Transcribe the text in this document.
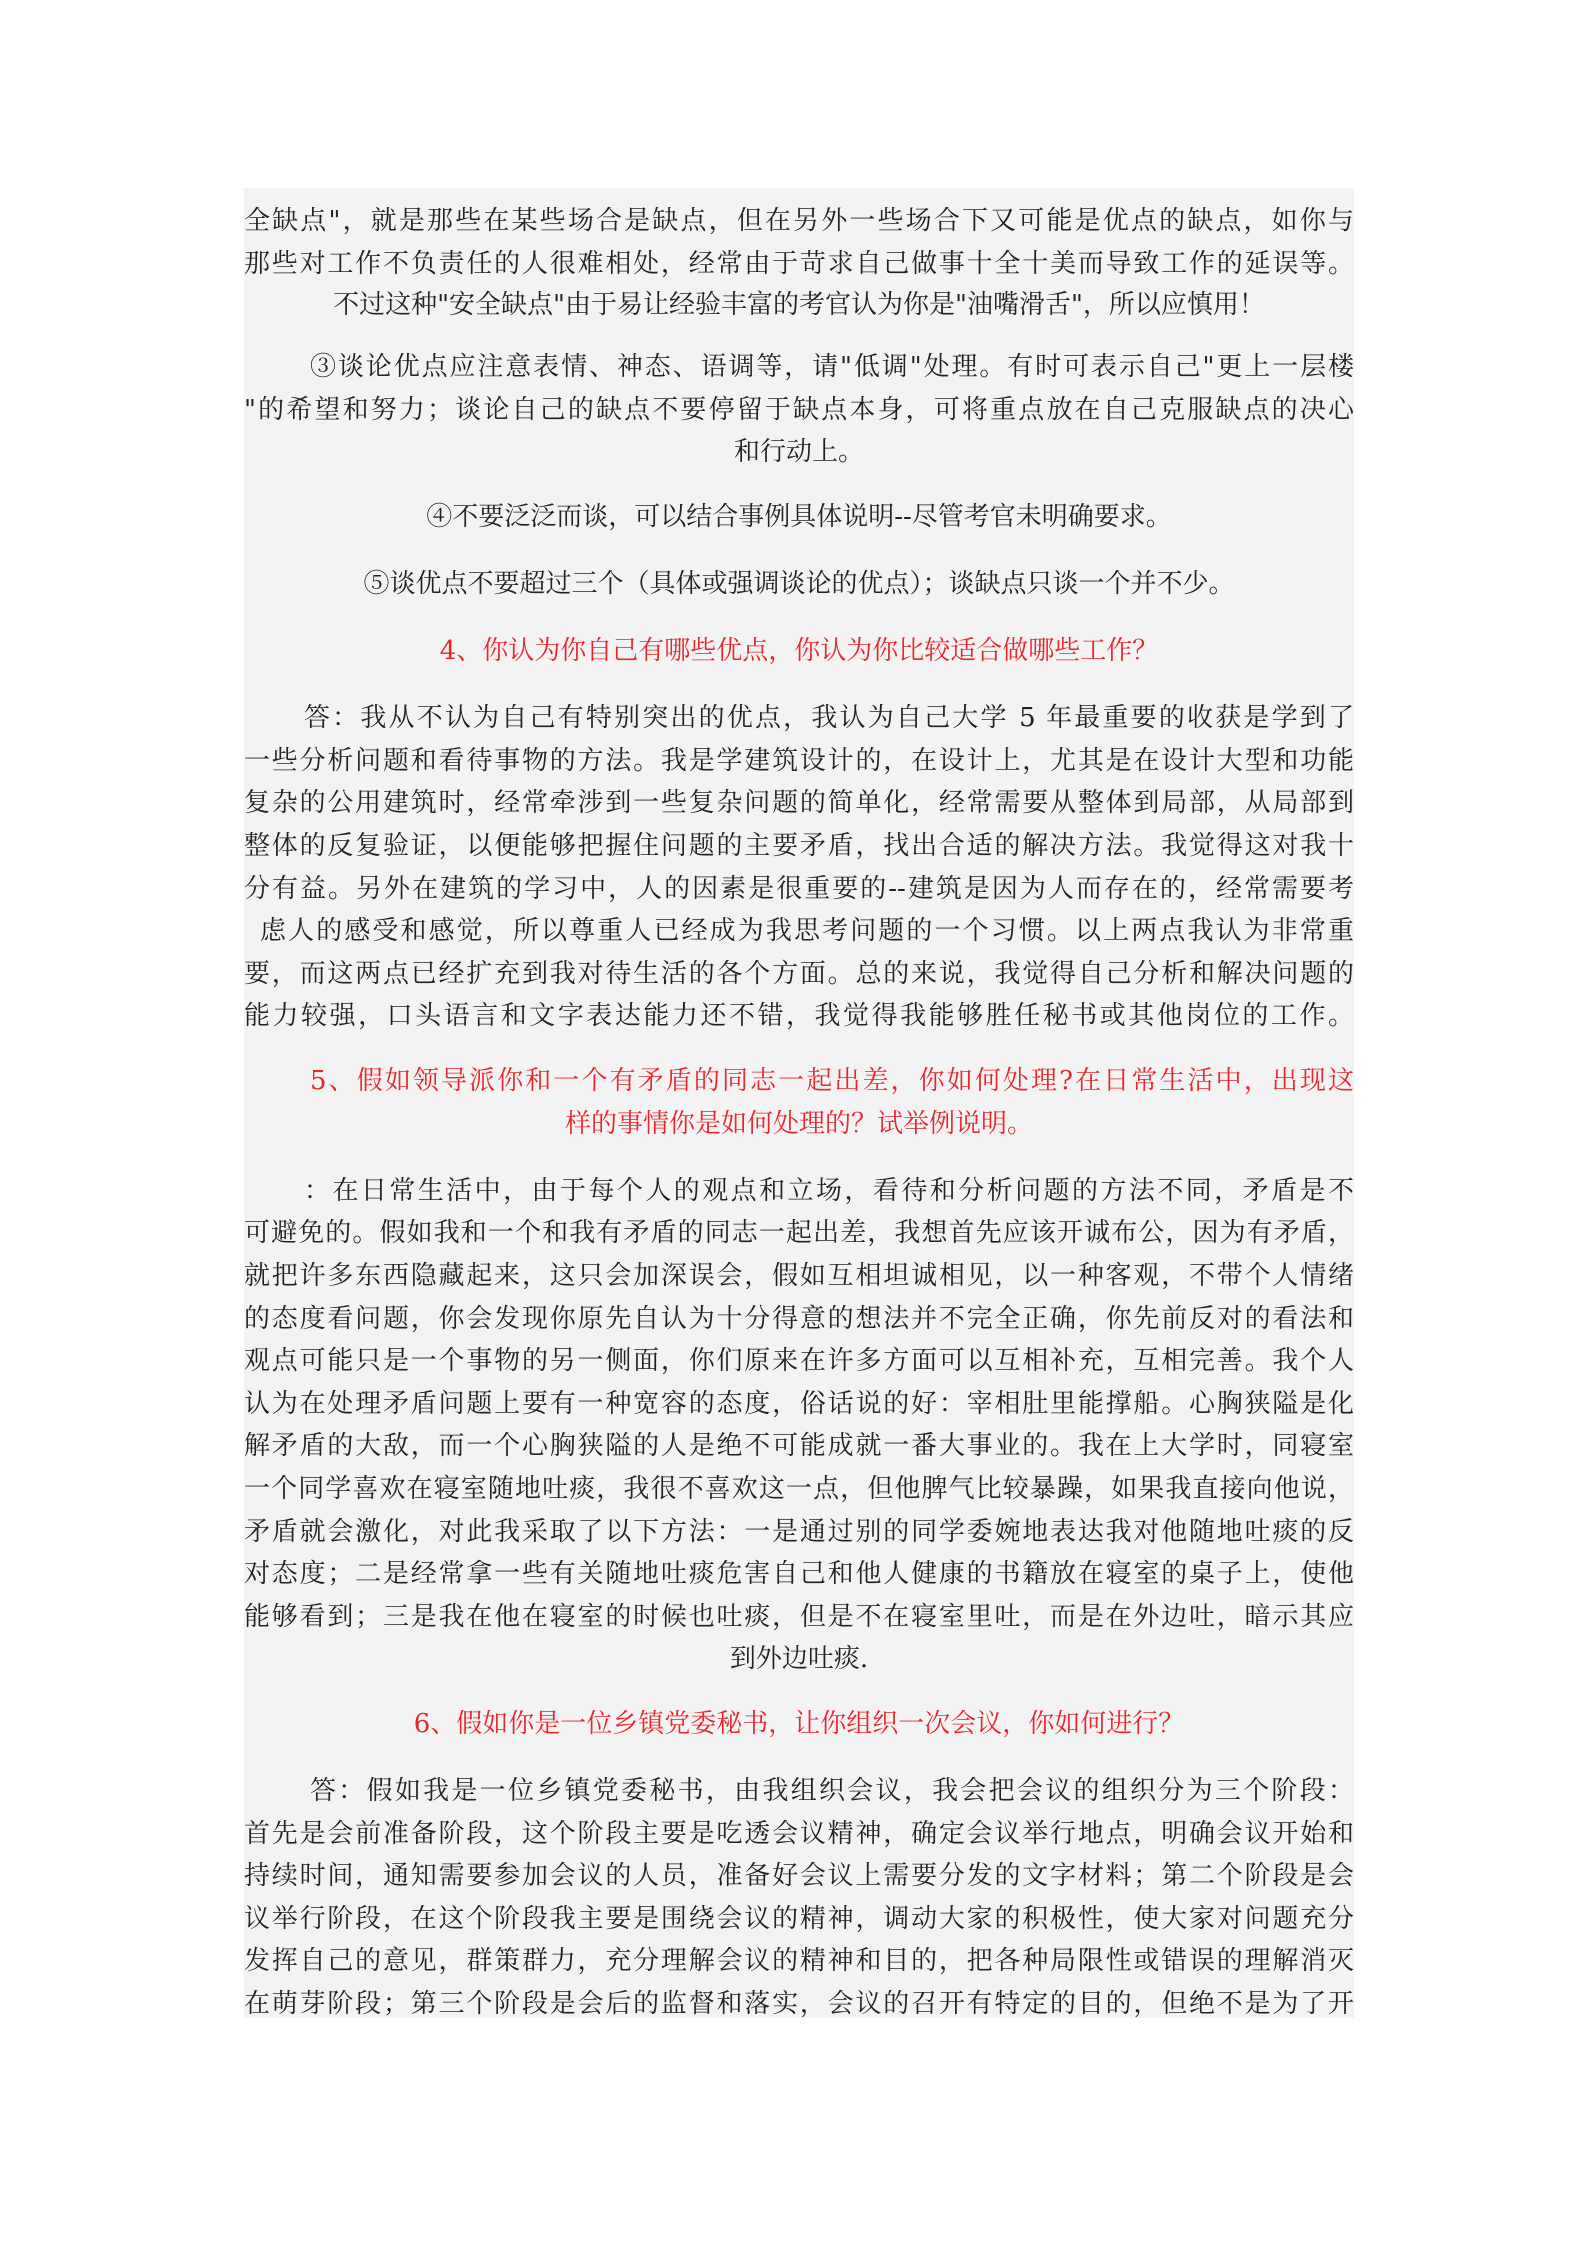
全缺点"，就是那些在某些场合是缺点，但在另外一些场合下又可能是优点的缺点，如你与
那些对工作不负责任的人很难相处，经常由于苛求自己做事十全十美而导致工作的延误等。
不过这种"安全缺点"由于易让经验丰富的考官认为你是"油嘴滑舌"，所以应慎用！
③谈论优点应注意表情、神态、语调等，请"低调"处理。有时可表示自己"更上一层楼
"的希望和努力；谈论自己的缺点不要停留于缺点本身，可将重点放在自己克服缺点的决心
和行动上。
④不要泛泛而谈，可以结合事例具体说明--尽管考官未明确要求。
⑤谈优点不要超过三个（具体或强调谈论的优点）；谈缺点只谈一个并不少。
4、你认为你自己有哪些优点，你认为你比较适合做哪些工作？
答：我从不认为自己有特别突出的优点，我认为自己大学 5 年最重要的收获是学到了
一些分析问题和看待事物的方法。我是学建筑设计的，在设计上，尤其是在设计大型和功能
复杂的公用建筑时，经常牵涉到一些复杂问题的简单化，经常需要从整体到局部，从局部到
整体的反复验证，以便能够把握住问题的主要矛盾，找出合适的解决方法。我觉得这对我十
分有益。另外在建筑的学习中，人的因素是很重要的--建筑是因为人而存在的，经常需要考
虑人的感受和感觉，所以尊重人已经成为我思考问题的一个习惯。以上两点我认为非常重
要，而这两点已经扩充到我对待生活的各个方面。总的来说，我觉得自己分析和解决问题的
能力较强，口头语言和文字表达能力还不错，我觉得我能够胜任秘书或其他岗位的工作。
5、假如领导派你和一个有矛盾的同志一起出差，你如何处理?在日常生活中，出现这
样的事情你是如何处理的？试举例说明。
：在日常生活中，由于每个人的观点和立场，看待和分析问题的方法不同，矛盾是不
可避免的。假如我和一个和我有矛盾的同志一起出差，我想首先应该开诚布公，因为有矛盾，
就把许多东西隐藏起来，这只会加深误会，假如互相坦诚相见，以一种客观，不带个人情绪
的态度看问题，你会发现你原先自认为十分得意的想法并不完全正确，你先前反对的看法和
观点可能只是一个事物的另一侧面，你们原来在许多方面可以互相补充，互相完善。我个人
认为在处理矛盾问题上要有一种宽容的态度，俗话说的好：宰相肚里能撑船。心胸狭隘是化
解矛盾的大敌，而一个心胸狭隘的人是绝不可能成就一番大事业的。我在上大学时，同寝室
一个同学喜欢在寝室随地吐痰，我很不喜欢这一点，但他脾气比较暴躁，如果我直接向他说，
矛盾就会激化，对此我采取了以下方法：一是通过别的同学委婉地表达我对他随地吐痰的反
对态度；二是经常拿一些有关随地吐痰危害自己和他人健康的书籍放在寝室的桌子上，使他
能够看到；三是我在他在寝室的时候也吐痰，但是不在寝室里吐，而是在外边吐，暗示其应
到外边吐痰.
6、假如你是一位乡镇党委秘书，让你组织一次会议，你如何进行？
答：假如我是一位乡镇党委秘书，由我组织会议，我会把会议的组织分为三个阶段：
首先是会前准备阶段，这个阶段主要是吃透会议精神，确定会议举行地点，明确会议开始和
持续时间，通知需要参加会议的人员，准备好会议上需要分发的文字材料；第二个阶段是会
议举行阶段，在这个阶段我主要是围绕会议的精神，调动大家的积极性，使大家对问题充分
发挥自己的意见，群策群力，充分理解会议的精神和目的，把各种局限性或错误的理解消灭
在萌芽阶段；第三个阶段是会后的监督和落实，会议的召开有特定的目的，但绝不是为了开
